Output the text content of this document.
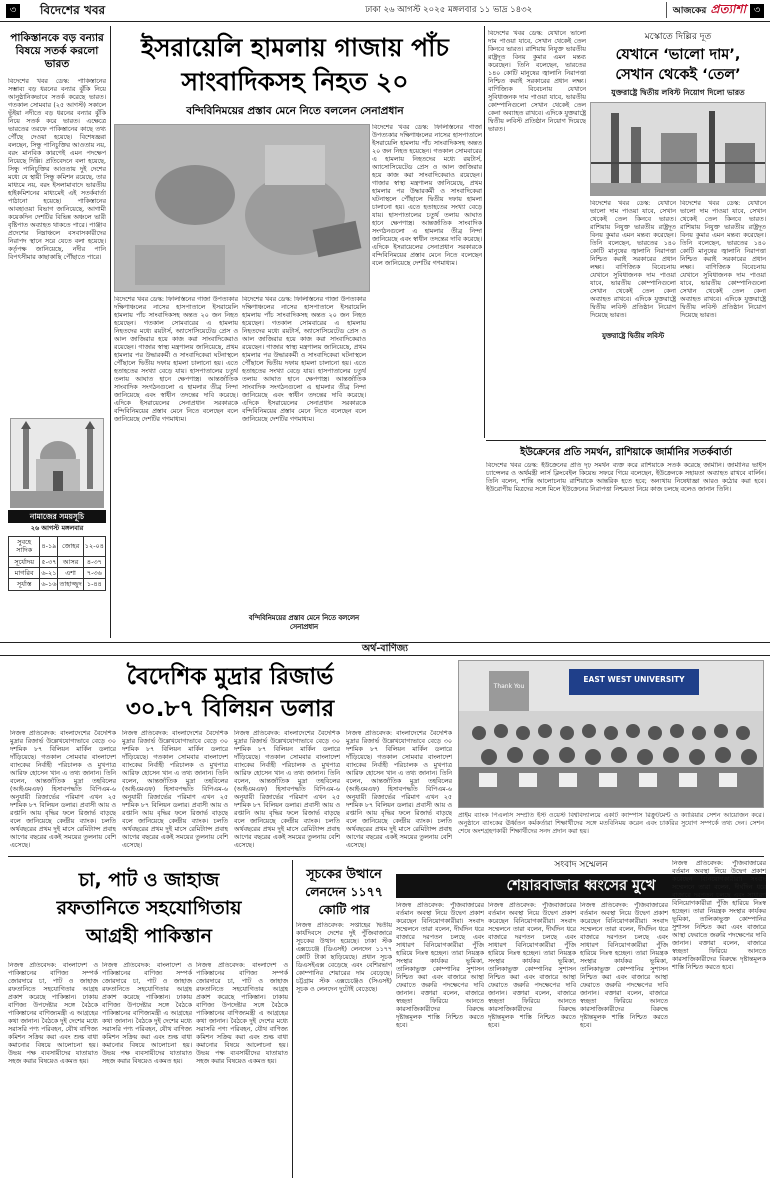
৩	বিদেশের খবর	ঢাকা ২৬ আগস্ট ২০২৫ মঙ্গলবার ১১ ভাদ্র ১৪৩২	আজকের প্রত্যাশা ৩
পাকিস্তানকে বড় বন্যার বিষয়ে সতর্ক করলো ভারত
বিদেশের খবর ডেস্ক: পাকিস্তানের সম্ভাব্য বড় ধরনের বন্যার ঝুঁকি নিয়ে আনুষ্ঠানিকভাবে সতর্ক করেছে ভারত। গতকাল সোমবার (২৫ আগস্ট) সকালে ভূঁইয়া নদীতে বড় ধরনের বন্যার ঝুঁকি নিয়ে সতর্ক করে ভারত। এক্ষেত্রে ভারতের তরফে পাকিস্তানের কাছে তথ্য পৌঁছে দেওয়া হয়েছে। বিশেষজ্ঞরা বলছেন, সিন্ধু পানিচুক্তির আওতায় নয়, বরং মানবিক কারণেই এমন পদক্ষেপ নিয়েছে দিল্লি। প্রতিবেদনে বলা হয়েছে, সিন্ধু পানিচুক্তির আওতায় দুই দেশের মধ্যে যে স্থায়ী সিন্ধু কমিশন রয়েছে, তার মাধ্যমে নয়, বরং ইসলামাবাদে ভারতীয় হাইকমিশনের মাধ্যমেই এই সতর্কবার্তা পাঠানো হয়েছে। পাকিস্তানের আবহাওয়া বিভাগ জানিয়েছে, আগামী কয়েকদিন দেশটির বিভিন্ন অঞ্চলে ভারী বৃষ্টিপাত অব্যাহত থাকতে পারে। পাঞ্জাব প্রদেশের নিম্নাঞ্চলে বসবাসকারীদের নিরাপদ স্থানে সরে যেতে বলা হয়েছে। কর্তৃপক্ষ জানিয়েছে, নদীর পানি বিপৎসীমার কাছাকাছি পৌঁছাতে পারে।
নামাজের সময়সূচি
২৬ আগস্ট মঙ্গলবার
সুবহে সাদিক	৪-১৯	জোহর	১২-০৪
সূর্যোদয়	৫-৩৭	আসর	৪-৩৭
মাগরিব	৬-২১	এশা	৭-৩৬
সূর্যাস্ত	৬-১৬	তাহাজ্জুদ	১-৪৪
ইসরায়েলি হামলায় গাজায় পাঁচ
সাংবাদিকসহ নিহত ২০
বন্দিবিনিময়ের প্রস্তাব মেনে নিতে বললেন সেনাপ্রধান
বিদেশের খবর ডেস্ক: ফিলিস্তিনের গাজা উপত্যকার দক্ষিণাঞ্চলের নাসের হাসপাতালে ইসরায়েলি হামলায় পাঁচ সাংবাদিকসহ অন্তত ২০ জন নিহত হয়েছেন। গতকাল সোমবারের এ হামলায় নিহতদের মধ্যে রয়টার্স, অ্যাসোসিয়েটেড প্রেস ও আল জাজিরার হয়ে কাজ করা সাংবাদিকেরাও রয়েছেন। গাজার স্বাস্থ্য মন্ত্রণালয় জানিয়েছে, প্রথম হামলার পর উদ্ধারকর্মী ও সাংবাদিকেরা ঘটনাস্থলে পৌঁছালে দ্বিতীয় দফায় হামলা চালানো হয়। এতে হতাহতের সংখ্যা বেড়ে যায়। হাসপাতালের চতুর্থ তলায় আঘাত হানে ক্ষেপণাস্ত্র। আন্তর্জাতিক সাংবাদিক সংগঠনগুলো এ হামলার তীব্র নিন্দা জানিয়েছে এবং স্বাধীন তদন্তের দাবি করেছে। এদিকে ইসরায়েলের সেনাপ্রধান সরকারকে বন্দিবিনিময়ের প্রস্তাব মেনে নিতে বলেছেন বলে জানিয়েছে দেশটির গণমাধ্যম।
বিদেশের খবর ডেস্ক: ফিলিস্তিনের গাজা উপত্যকার দক্ষিণাঞ্চলের নাসের হাসপাতালে ইসরায়েলি হামলায় পাঁচ সাংবাদিকসহ অন্তত ২০ জন নিহত হয়েছেন। গতকাল সোমবারের এ হামলায় নিহতদের মধ্যে রয়টার্স, অ্যাসোসিয়েটেড প্রেস ও আল জাজিরার হয়ে কাজ করা সাংবাদিকেরাও রয়েছেন। গাজার স্বাস্থ্য মন্ত্রণালয় জানিয়েছে, প্রথম হামলার পর উদ্ধারকর্মী ও সাংবাদিকেরা ঘটনাস্থলে পৌঁছালে দ্বিতীয় দফায় হামলা চালানো হয়। এতে হতাহতের সংখ্যা বেড়ে যায়। হাসপাতালের চতুর্থ তলায় আঘাত হানে ক্ষেপণাস্ত্র। আন্তর্জাতিক সাংবাদিক সংগঠনগুলো এ হামলার তীব্র নিন্দা জানিয়েছে এবং স্বাধীন তদন্তের দাবি করেছে। এদিকে ইসরায়েলের সেনাপ্রধান সরকারকে বন্দিবিনিময়ের প্রস্তাব মেনে নিতে বলেছেন বলে জানিয়েছে দেশটির গণমাধ্যম।
বন্দিবিনিময়ের প্রস্তাব মেনে নিতে বললেন সেনাপ্রধান
বিদেশের খবর ডেস্ক: ফিলিস্তিনের গাজা উপত্যকার দক্ষিণাঞ্চলের নাসের হাসপাতালে ইসরায়েলি হামলায় পাঁচ সাংবাদিকসহ অন্তত ২০ জন নিহত হয়েছেন। গতকাল সোমবারের এ হামলায় নিহতদের মধ্যে রয়টার্স, অ্যাসোসিয়েটেড প্রেস ও আল জাজিরার হয়ে কাজ করা সাংবাদিকেরাও রয়েছেন। গাজার স্বাস্থ্য মন্ত্রণালয় জানিয়েছে, প্রথম হামলার পর উদ্ধারকর্মী ও সাংবাদিকেরা ঘটনাস্থলে পৌঁছালে দ্বিতীয় দফায় হামলা চালানো হয়। এতে হতাহতের সংখ্যা বেড়ে যায়। হাসপাতালের চতুর্থ তলায় আঘাত হানে ক্ষেপণাস্ত্র। আন্তর্জাতিক সাংবাদিক সংগঠনগুলো এ হামলার তীব্র নিন্দা জানিয়েছে এবং স্বাধীন তদন্তের দাবি করেছে। এদিকে ইসরায়েলের সেনাপ্রধান সরকারকে বন্দিবিনিময়ের প্রস্তাব মেনে নিতে বলেছেন বলে জানিয়েছে দেশটির গণমাধ্যম।
বিদেশের খবর ডেস্ক: যেখানে ভালো দাম পাওয়া যাবে, সেখান থেকেই তেল কিনবে ভারত। রাশিয়ায় নিযুক্ত ভারতীয় রাষ্ট্রদূত বিনয় কুমার এমন মন্তব্য করেছেন। তিনি বলেছেন, ভারতের ১৪০ কোটি মানুষের জ্বালানি নিরাপত্তা নিশ্চিত করাই সরকারের প্রধান লক্ষ্য। বাণিজ্যিক বিবেচনায় যেখানে সুবিধাজনক দাম পাওয়া যাবে, ভারতীয় কোম্পানিগুলো সেখান থেকেই তেল কেনা অব্যাহত রাখবে। এদিকে যুক্তরাষ্ট্রে দ্বিতীয় লবিস্ট প্রতিষ্ঠান নিয়োগ দিয়েছে ভারত।
মস্কোতে দিল্লির দূত
যেখানে ‘ভালো দাম’,
সেখান থেকেই ‘তেল’
যুক্তরাষ্ট্রে দ্বিতীয় লবিস্ট নিয়োগ দিলো ভারত
বিদেশের খবর ডেস্ক: যেখানে ভালো দাম পাওয়া যাবে, সেখান থেকেই তেল কিনবে ভারত। রাশিয়ায় নিযুক্ত ভারতীয় রাষ্ট্রদূত বিনয় কুমার এমন মন্তব্য করেছেন। তিনি বলেছেন, ভারতের ১৪০ কোটি মানুষের জ্বালানি নিরাপত্তা নিশ্চিত করাই সরকারের প্রধান লক্ষ্য। বাণিজ্যিক বিবেচনায় যেখানে সুবিধাজনক দাম পাওয়া যাবে, ভারতীয় কোম্পানিগুলো সেখান থেকেই তেল কেনা অব্যাহত রাখবে। এদিকে যুক্তরাষ্ট্রে দ্বিতীয় লবিস্ট প্রতিষ্ঠান নিয়োগ দিয়েছে ভারত।
বিদেশের খবর ডেস্ক: যেখানে ভালো দাম পাওয়া যাবে, সেখান থেকেই তেল কিনবে ভারত। রাশিয়ায় নিযুক্ত ভারতীয় রাষ্ট্রদূত বিনয় কুমার এমন মন্তব্য করেছেন। তিনি বলেছেন, ভারতের ১৪০ কোটি মানুষের জ্বালানি নিরাপত্তা নিশ্চিত করাই সরকারের প্রধান লক্ষ্য। বাণিজ্যিক বিবেচনায় যেখানে সুবিধাজনক দাম পাওয়া যাবে, ভারতীয় কোম্পানিগুলো সেখান থেকেই তেল কেনা অব্যাহত রাখবে। এদিকে যুক্তরাষ্ট্রে দ্বিতীয় লবিস্ট প্রতিষ্ঠান নিয়োগ দিয়েছে ভারত।
যুক্তরাষ্ট্রে দ্বিতীয় লবিস্ট
ইউক্রেনের প্রতি সমর্থন, রাশিয়াকে জার্মানির সতর্কবার্তা
বিদেশের খবর ডেস্ক: ইউক্রেনের প্রতি দৃঢ় সমর্থন ব্যক্ত করে রাশিয়াকে সতর্ক করেছে জার্মানি। জার্মানির ভাইস চ্যান্সেলর ও অর্থমন্ত্রী লার্স ক্লিংবেইল কিয়েভ সফরে গিয়ে বলেছেন, ইউক্রেনকে সহায়তা অব্যাহত রাখবে বার্লিন। তিনি বলেন, শান্তি আলোচনায় রাশিয়াকে আন্তরিক হতে হবে; অন্যথায় নিষেধাজ্ঞা আরও কঠোর করা হবে। ইউরোপীয় মিত্রদের সঙ্গে মিলে ইউক্রেনের নিরাপত্তা নিশ্চয়তা নিয়ে কাজ চলছে বলেও জানান তিনি।
অর্থ-বাণিজ্য
বৈদেশিক মুদ্রার রিজার্ভ
৩০.৮৭ বিলিয়ন ডলার
নিজস্ব প্রতিবেদক: বাংলাদেশের বৈদেশিক মুদ্রার রিজার্ভ উল্লেখযোগ্যভাবে বেড়ে ৩০ দশমিক ৮৭ বিলিয়ন মার্কিন ডলারে দাঁড়িয়েছে। গতকাল সোমবার বাংলাদেশ ব্যাংকের নির্বাহী পরিচালক ও মুখপাত্র আরিফ হোসেন খান এ তথ্য জানান। তিনি বলেন, আন্তর্জাতিক মুদ্রা তহবিলের (আইএমএফ) হিসাবপদ্ধতি বিপিএম-৬ অনুযায়ী রিজার্ভের পরিমাণ এখন ২৫ দশমিক ৮৭ বিলিয়ন ডলার। প্রবাসী আয় ও রপ্তানি আয় বৃদ্ধির ফলে রিজার্ভ বাড়ছে বলে জানিয়েছে কেন্দ্রীয় ব্যাংক। চলতি অর্থবছরের প্রথম দুই মাসে রেমিট্যান্স প্রবাহ আগের বছরের একই সময়ের তুলনায় বেশি এসেছে।
নিজস্ব প্রতিবেদক: বাংলাদেশের বৈদেশিক মুদ্রার রিজার্ভ উল্লেখযোগ্যভাবে বেড়ে ৩০ দশমিক ৮৭ বিলিয়ন মার্কিন ডলারে দাঁড়িয়েছে। গতকাল সোমবার বাংলাদেশ ব্যাংকের নির্বাহী পরিচালক ও মুখপাত্র আরিফ হোসেন খান এ তথ্য জানান। তিনি বলেন, আন্তর্জাতিক মুদ্রা তহবিলের (আইএমএফ) হিসাবপদ্ধতি বিপিএম-৬ অনুযায়ী রিজার্ভের পরিমাণ এখন ২৫ দশমিক ৮৭ বিলিয়ন ডলার। প্রবাসী আয় ও রপ্তানি আয় বৃদ্ধির ফলে রিজার্ভ বাড়ছে বলে জানিয়েছে কেন্দ্রীয় ব্যাংক। চলতি অর্থবছরের প্রথম দুই মাসে রেমিট্যান্স প্রবাহ আগের বছরের একই সময়ের তুলনায় বেশি এসেছে।
নিজস্ব প্রতিবেদক: বাংলাদেশের বৈদেশিক মুদ্রার রিজার্ভ উল্লেখযোগ্যভাবে বেড়ে ৩০ দশমিক ৮৭ বিলিয়ন মার্কিন ডলারে দাঁড়িয়েছে। গতকাল সোমবার বাংলাদেশ ব্যাংকের নির্বাহী পরিচালক ও মুখপাত্র আরিফ হোসেন খান এ তথ্য জানান। তিনি বলেন, আন্তর্জাতিক মুদ্রা তহবিলের (আইএমএফ) হিসাবপদ্ধতি বিপিএম-৬ অনুযায়ী রিজার্ভের পরিমাণ এখন ২৫ দশমিক ৮৭ বিলিয়ন ডলার। প্রবাসী আয় ও রপ্তানি আয় বৃদ্ধির ফলে রিজার্ভ বাড়ছে বলে জানিয়েছে কেন্দ্রীয় ব্যাংক। চলতি অর্থবছরের প্রথম দুই মাসে রেমিট্যান্স প্রবাহ আগের বছরের একই সময়ের তুলনায় বেশি এসেছে।
নিজস্ব প্রতিবেদক: বাংলাদেশের বৈদেশিক মুদ্রার রিজার্ভ উল্লেখযোগ্যভাবে বেড়ে ৩০ দশমিক ৮৭ বিলিয়ন মার্কিন ডলারে দাঁড়িয়েছে। গতকাল সোমবার বাংলাদেশ ব্যাংকের নির্বাহী পরিচালক ও মুখপাত্র আরিফ হোসেন খান এ তথ্য জানান। তিনি বলেন, আন্তর্জাতিক মুদ্রা তহবিলের (আইএমএফ) হিসাবপদ্ধতি বিপিএম-৬ অনুযায়ী রিজার্ভের পরিমাণ এখন ২৫ দশমিক ৮৭ বিলিয়ন ডলার। প্রবাসী আয় ও রপ্তানি আয় বৃদ্ধির ফলে রিজার্ভ বাড়ছে বলে জানিয়েছে কেন্দ্রীয় ব্যাংক। চলতি অর্থবছরের প্রথম দুই মাসে রেমিট্যান্স প্রবাহ আগের বছরের একই সময়ের তুলনায় বেশি এসেছে।
EAST WEST UNIVERSITY
Thank You
প্রাইম ব্যাংক পিএলসি সম্প্রতি ইস্ট ওয়েস্ট বিশ্ববিদ্যালয়ে একটি ক্যাম্পাস রিক্রুটমেন্ট ও ক্যারিয়ার সেশন আয়োজন করে। অনুষ্ঠানে ব্যাংকের ঊর্ধ্বতন কর্মকর্তারা শিক্ষার্থীদের সঙ্গে মতবিনিময় করেন এবং চাকরির সুযোগ সম্পর্কে তথ্য দেন। সেশন শেষে অংশগ্রহণকারী শিক্ষার্থীদের সনদ প্রদান করা হয়।
চা, পাট ও জাহাজ
রফতানিতে সহযোগিতায়
আগ্রহী পাকিস্তান
নিজস্ব প্রতিবেদক: বাংলাদেশ ও পাকিস্তানের বাণিজ্য সম্পর্ক জোরদারে চা, পাট ও জাহাজ রফতানিতে সহযোগিতার আগ্রহ প্রকাশ করেছে পাকিস্তান। ঢাকায় বাণিজ্য উপদেষ্টার সঙ্গে বৈঠকে পাকিস্তানের বাণিজ্যমন্ত্রী এ আগ্রহের কথা জানান। বৈঠকে দুই দেশের মধ্যে সরাসরি পণ্য পরিবহন, যৌথ বাণিজ্য কমিশন সক্রিয় করা এবং শুল্ক বাধা কমানোর বিষয়ে আলোচনা হয়। উভয় পক্ষ ব্যবসায়ীদের যাতায়াত সহজ করার বিষয়েও একমত হয়।
নিজস্ব প্রতিবেদক: বাংলাদেশ ও পাকিস্তানের বাণিজ্য সম্পর্ক জোরদারে চা, পাট ও জাহাজ রফতানিতে সহযোগিতার আগ্রহ প্রকাশ করেছে পাকিস্তান। ঢাকায় বাণিজ্য উপদেষ্টার সঙ্গে বৈঠকে পাকিস্তানের বাণিজ্যমন্ত্রী এ আগ্রহের কথা জানান। বৈঠকে দুই দেশের মধ্যে সরাসরি পণ্য পরিবহন, যৌথ বাণিজ্য কমিশন সক্রিয় করা এবং শুল্ক বাধা কমানোর বিষয়ে আলোচনা হয়। উভয় পক্ষ ব্যবসায়ীদের যাতায়াত সহজ করার বিষয়েও একমত হয়।
নিজস্ব প্রতিবেদক: বাংলাদেশ ও পাকিস্তানের বাণিজ্য সম্পর্ক জোরদারে চা, পাট ও জাহাজ রফতানিতে সহযোগিতার আগ্রহ প্রকাশ করেছে পাকিস্তান। ঢাকায় বাণিজ্য উপদেষ্টার সঙ্গে বৈঠকে পাকিস্তানের বাণিজ্যমন্ত্রী এ আগ্রহের কথা জানান। বৈঠকে দুই দেশের মধ্যে সরাসরি পণ্য পরিবহন, যৌথ বাণিজ্য কমিশন সক্রিয় করা এবং শুল্ক বাধা কমানোর বিষয়ে আলোচনা হয়। উভয় পক্ষ ব্যবসায়ীদের যাতায়াত সহজ করার বিষয়েও একমত হয়।
সূচকের উত্থানে
লেনদেন ১১৭৭
কোটি পার
নিজস্ব প্রতিবেদক: সপ্তাহের দ্বিতীয় কার্যদিবসে দেশের দুই পুঁজিবাজারে সূচকের উত্থান হয়েছে। ঢাকা স্টক এক্সচেঞ্জে (ডিএসই) লেনদেন ১১৭৭ কোটি টাকা ছাড়িয়েছে। প্রধান সূচক ডিএসইএক্স বেড়েছে এবং বেশিরভাগ কোম্পানির শেয়ারের দাম বেড়েছে। চট্টগ্রাম স্টক এক্সচেঞ্জেও (সিএসই) সূচক ও লেনদেন দুটোই বেড়েছে।
সংবাদ সম্মেলন
শেয়ারবাজার ধ্বংসের মুখে
নিজস্ব প্রতিবেদক: পুঁজিবাজারের বর্তমান অবস্থা নিয়ে উদ্বেগ প্রকাশ করেছেন বিনিয়োগকারীরা। সংবাদ সম্মেলনে তারা বলেন, দীর্ঘদিন ধরে বাজারে দরপতন চলছে এবং সাধারণ বিনিয়োগকারীরা পুঁজি হারিয়ে নিঃস্ব হচ্ছেন। তারা নিয়ন্ত্রক সংস্থার কার্যকর ভূমিকা, তালিকাভুক্ত কোম্পানির সুশাসন নিশ্চিত করা এবং বাজারে আস্থা ফেরাতে জরুরি পদক্ষেপের দাবি জানান। বক্তারা বলেন, বাজারে স্বচ্ছতা ফিরিয়ে আনতে কারসাজিকারীদের বিরুদ্ধে দৃষ্টান্তমূলক শাস্তি নিশ্চিত করতে হবে।
নিজস্ব প্রতিবেদক: পুঁজিবাজারের বর্তমান অবস্থা নিয়ে উদ্বেগ প্রকাশ করেছেন বিনিয়োগকারীরা। সংবাদ সম্মেলনে তারা বলেন, দীর্ঘদিন ধরে বাজারে দরপতন চলছে এবং সাধারণ বিনিয়োগকারীরা পুঁজি হারিয়ে নিঃস্ব হচ্ছেন। তারা নিয়ন্ত্রক সংস্থার কার্যকর ভূমিকা, তালিকাভুক্ত কোম্পানির সুশাসন নিশ্চিত করা এবং বাজারে আস্থা ফেরাতে জরুরি পদক্ষেপের দাবি জানান। বক্তারা বলেন, বাজারে স্বচ্ছতা ফিরিয়ে আনতে কারসাজিকারীদের বিরুদ্ধে দৃষ্টান্তমূলক শাস্তি নিশ্চিত করতে হবে।
নিজস্ব প্রতিবেদক: পুঁজিবাজারের বর্তমান অবস্থা নিয়ে উদ্বেগ প্রকাশ করেছেন বিনিয়োগকারীরা। সংবাদ সম্মেলনে তারা বলেন, দীর্ঘদিন ধরে বাজারে দরপতন চলছে এবং সাধারণ বিনিয়োগকারীরা পুঁজি হারিয়ে নিঃস্ব হচ্ছেন। তারা নিয়ন্ত্রক সংস্থার কার্যকর ভূমিকা, তালিকাভুক্ত কোম্পানির সুশাসন নিশ্চিত করা এবং বাজারে আস্থা ফেরাতে জরুরি পদক্ষেপের দাবি জানান। বক্তারা বলেন, বাজারে স্বচ্ছতা ফিরিয়ে আনতে কারসাজিকারীদের বিরুদ্ধে দৃষ্টান্তমূলক শাস্তি নিশ্চিত করতে হবে।
নিজস্ব প্রতিবেদক: পুঁজিবাজারের বর্তমান অবস্থা নিয়ে উদ্বেগ প্রকাশ করেছেন বিনিয়োগকারীরা। সংবাদ সম্মেলনে তারা বলেন, দীর্ঘদিন ধরে বাজারে দরপতন চলছে এবং সাধারণ বিনিয়োগকারীরা পুঁজি হারিয়ে নিঃস্ব হচ্ছেন। তারা নিয়ন্ত্রক সংস্থার কার্যকর ভূমিকা, তালিকাভুক্ত কোম্পানির সুশাসন নিশ্চিত করা এবং বাজারে আস্থা ফেরাতে জরুরি পদক্ষেপের দাবি জানান। বক্তারা বলেন, বাজারে স্বচ্ছতা ফিরিয়ে আনতে কারসাজিকারীদের বিরুদ্ধে দৃষ্টান্তমূলক শাস্তি নিশ্চিত করতে হবে।
